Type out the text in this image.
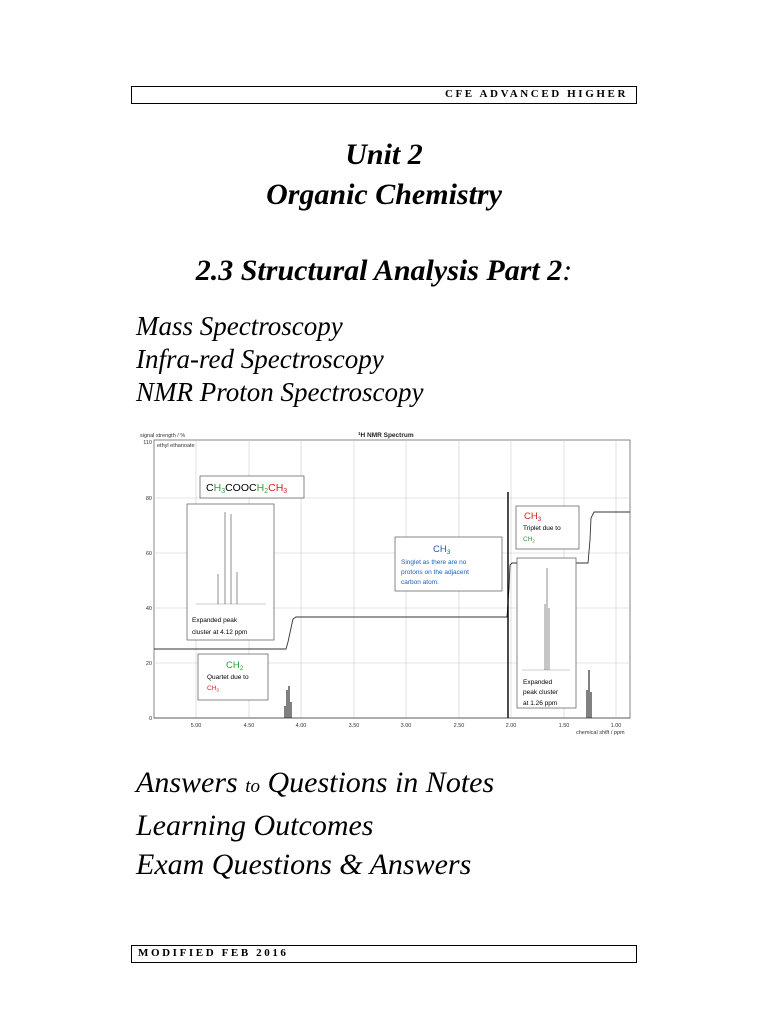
CFE ADVANCED HIGHER
Unit 2
Organic Chemistry
2.3 Structural Analysis Part 2:
Mass Spectroscopy
Infra-red Spectroscopy
NMR Proton Spectroscopy
signal strength / %
ethyl ethanoate
$^1$H NMR Spectrum
chemical shift / ppm
110
80
60
40
20
0
5.00	4.50	4.00	3.50	3.00	2.50	2.00	1.50	1.00
CH3COOCH2CH3
Expanded peak
cluster at 4.12 ppm
$CH_2$
Quartet due to
$CH_3$
$CH_3$
Singlet as there are no
protons on the adjacent
carbon atom.
$CH_3$
Triplet due to
$CH_2$
Expanded
peak cluster
at 1.26 ppm
Answers to Questions in Notes
Learning Outcomes
Exam Questions & Answers
MODIFIED FEB 2016
